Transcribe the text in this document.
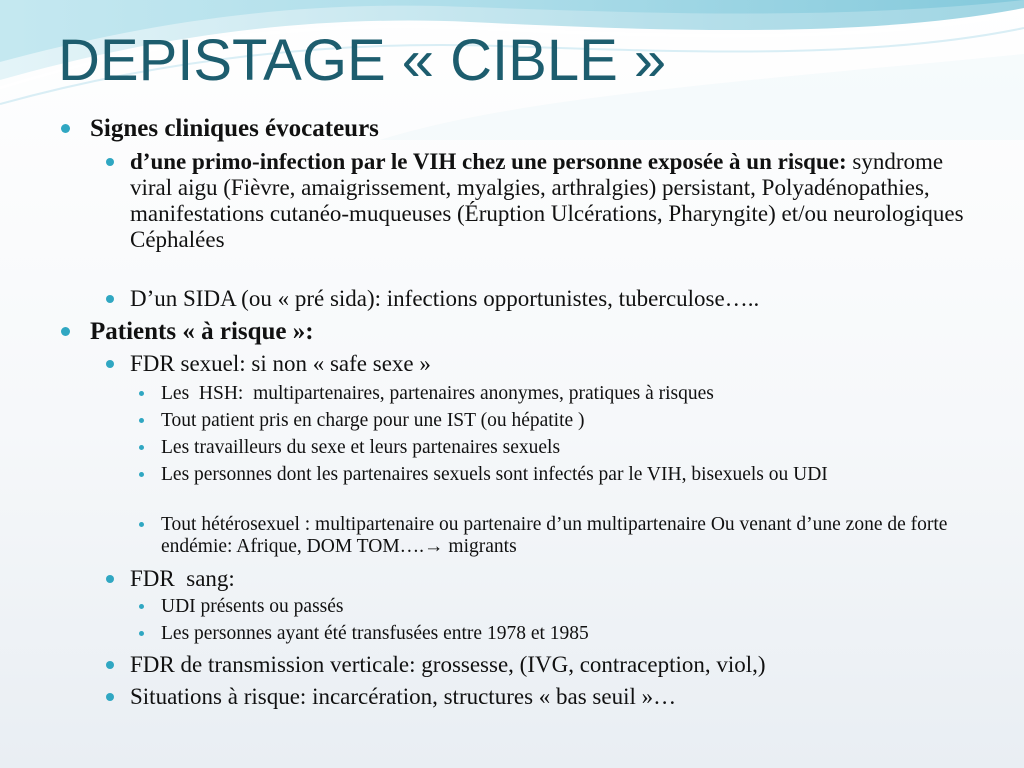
DEPISTAGE « CIBLE »
Signes cliniques évocateurs
d’une primo-infection par le VIH chez une personne exposée à un risque: syndrome viral aigu (Fièvre, amaigrissement, myalgies, arthralgies) persistant, Polyadénopathies, manifestations cutanéo-muqueuses (Éruption Ulcérations, Pharyngite) et/ou neurologiques Céphalées
D’un SIDA (ou « pré sida): infections opportunistes, tuberculose…..
Patients « à risque »:
FDR sexuel: si non « safe sexe »
Les  HSH:  multipartenaires, partenaires anonymes, pratiques à risques
Tout patient pris en charge pour une IST (ou hépatite )
Les travailleurs du sexe et leurs partenaires sexuels
Les personnes dont les partenaires sexuels sont infectés par le VIH, bisexuels ou UDI
Tout hétérosexuel : multipartenaire ou partenaire d’un multipartenaire Ou venant d’une zone de forte endémie: Afrique, DOM TOM….→ migrants
FDR  sang:
UDI présents ou passés
Les personnes ayant été transfusées entre 1978 et 1985
FDR de transmission verticale: grossesse, (IVG, contraception, viol,)
Situations à risque: incarcération, structures « bas seuil »…
